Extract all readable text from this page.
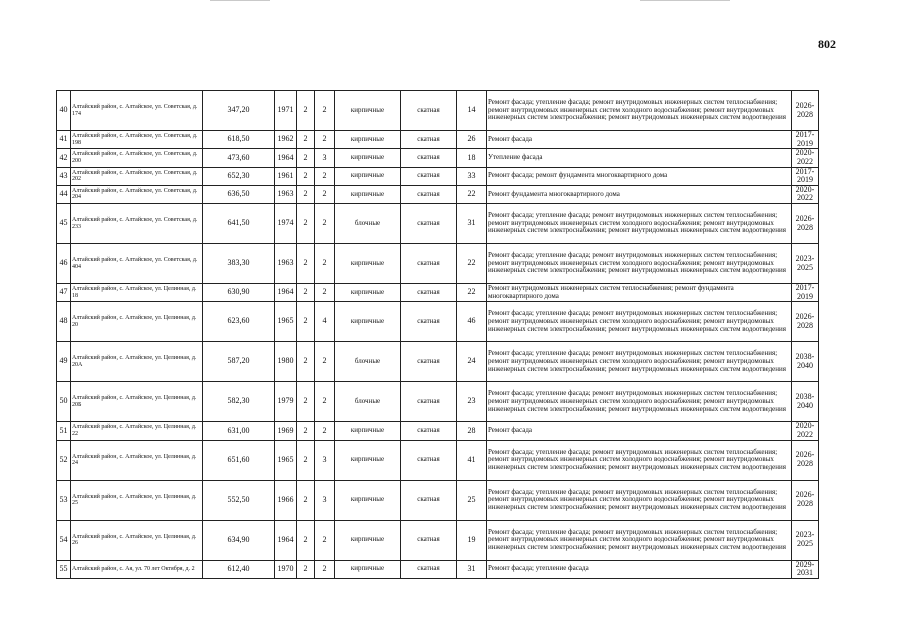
802
40	Алтайский район, с. Алтайское, ул. Советская, д. 174	347,20	1971	2	2	кирпичные	скатная	14	Ремонт фасада; утепление фасада; ремонт внутридомовых инженерных систем теплоснабжения; ремонт внутридомовых инженерных систем холодного водоснабжения; ремонт внутридомовых инженерных систем электроснабжения; ремонт внутридомовых инженерных систем водоотведения	2026-2028
41	Алтайский район, с. Алтайское, ул. Советская, д. 198	618,50	1962	2	2	кирпичные	скатная	26	Ремонт фасада	2017-2019
42	Алтайский район, с. Алтайское, ул. Советская, д. 200	473,60	1964	2	3	кирпичные	скатная	18	Утепление фасада	2020-2022
43	Алтайский район, с. Алтайское, ул. Советская, д. 202	652,30	1961	2	2	кирпичные	скатная	33	Ремонт фасада; ремонт фундамента многоквартирного дома	2017-2019
44	Алтайский район, с. Алтайское, ул. Советская, д. 204	636,50	1963	2	2	кирпичные	скатная	22	Ремонт фундамента многоквартирного дома	2020-2022
45	Алтайский район, с. Алтайское, ул. Советская, д. 233	641,50	1974	2	2	блочные	скатная	31	Ремонт фасада; утепление фасада; ремонт внутридомовых инженерных систем теплоснабжения; ремонт внутридомовых инженерных систем холодного водоснабжения; ремонт внутридомовых инженерных систем электроснабжения; ремонт внутридомовых инженерных систем водоотведения	2026-2028
46	Алтайский район, с. Алтайское, ул. Советская, д. 404	383,30	1963	2	2	кирпичные	скатная	22	Ремонт фасада; утепление фасада; ремонт внутридомовых инженерных систем теплоснабжения; ремонт внутридомовых инженерных систем холодного водоснабжения; ремонт внутридомовых инженерных систем электроснабжения; ремонт внутридомовых инженерных систем водоотведения	2023-2025
47	Алтайский район, с. Алтайское, ул. Целинная, д. 18	630,90	1964	2	2	кирпичные	скатная	22	Ремонт внутридомовых инженерных систем теплоснабжения; ремонт фундамента многоквартирного дома	2017-2019
48	Алтайский район, с. Алтайское, ул. Целинная, д. 20	623,60	1965	2	4	кирпичные	скатная	46	Ремонт фасада; утепление фасада; ремонт внутридомовых инженерных систем теплоснабжения; ремонт внутридомовых инженерных систем холодного водоснабжения; ремонт внутридомовых инженерных систем электроснабжения; ремонт внутридомовых инженерных систем водоотведения	2026-2028
49	Алтайский район, с. Алтайское, ул. Целинная, д. 20А	587,20	1980	2	2	блочные	скатная	24	Ремонт фасада; утепление фасада; ремонт внутридомовых инженерных систем теплоснабжения; ремонт внутридомовых инженерных систем холодного водоснабжения; ремонт внутридомовых инженерных систем электроснабжения; ремонт внутридомовых инженерных систем водоотведения	2038-2040
50	Алтайский район, с. Алтайское, ул. Целинная, д. 20Б	582,30	1979	2	2	блочные	скатная	23	Ремонт фасада; утепление фасада; ремонт внутридомовых инженерных систем теплоснабжения; ремонт внутридомовых инженерных систем холодного водоснабжения; ремонт внутридомовых инженерных систем электроснабжения; ремонт внутридомовых инженерных систем водоотведения	2038-2040
51	Алтайский район, с. Алтайское, ул. Целинная, д. 22	631,00	1969	2	2	кирпичные	скатная	28	Ремонт фасада	2020-2022
52	Алтайский район, с. Алтайское, ул. Целинная, д. 24	651,60	1965	2	3	кирпичные	скатная	41	Ремонт фасада; утепление фасада; ремонт внутридомовых инженерных систем теплоснабжения; ремонт внутридомовых инженерных систем холодного водоснабжения; ремонт внутридомовых инженерных систем электроснабжения; ремонт внутридомовых инженерных систем водоотведения	2026-2028
53	Алтайский район, с. Алтайское, ул. Целинная, д. 25	552,50	1966	2	3	кирпичные	скатная	25	Ремонт фасада; утепление фасада; ремонт внутридомовых инженерных систем теплоснабжения; ремонт внутридомовых инженерных систем холодного водоснабжения; ремонт внутридомовых инженерных систем электроснабжения; ремонт внутридомовых инженерных систем водоотведения	2026-2028
54	Алтайский район, с. Алтайское, ул. Целинная, д. 26	634,90	1964	2	2	кирпичные	скатная	19	Ремонт фасада; утепление фасада; ремонт внутридомовых инженерных систем теплоснабжения; ремонт внутридомовых инженерных систем холодного водоснабжения; ремонт внутридомовых инженерных систем электроснабжения; ремонт внутридомовых инженерных систем водоотведения	2023-2025
55	Алтайский район, с. Ая, ул. 70 лет Октября, д. 2	612,40	1970	2	2	кирпичные	скатная	31	Ремонт фасада; утепление фасада	2029-2031
